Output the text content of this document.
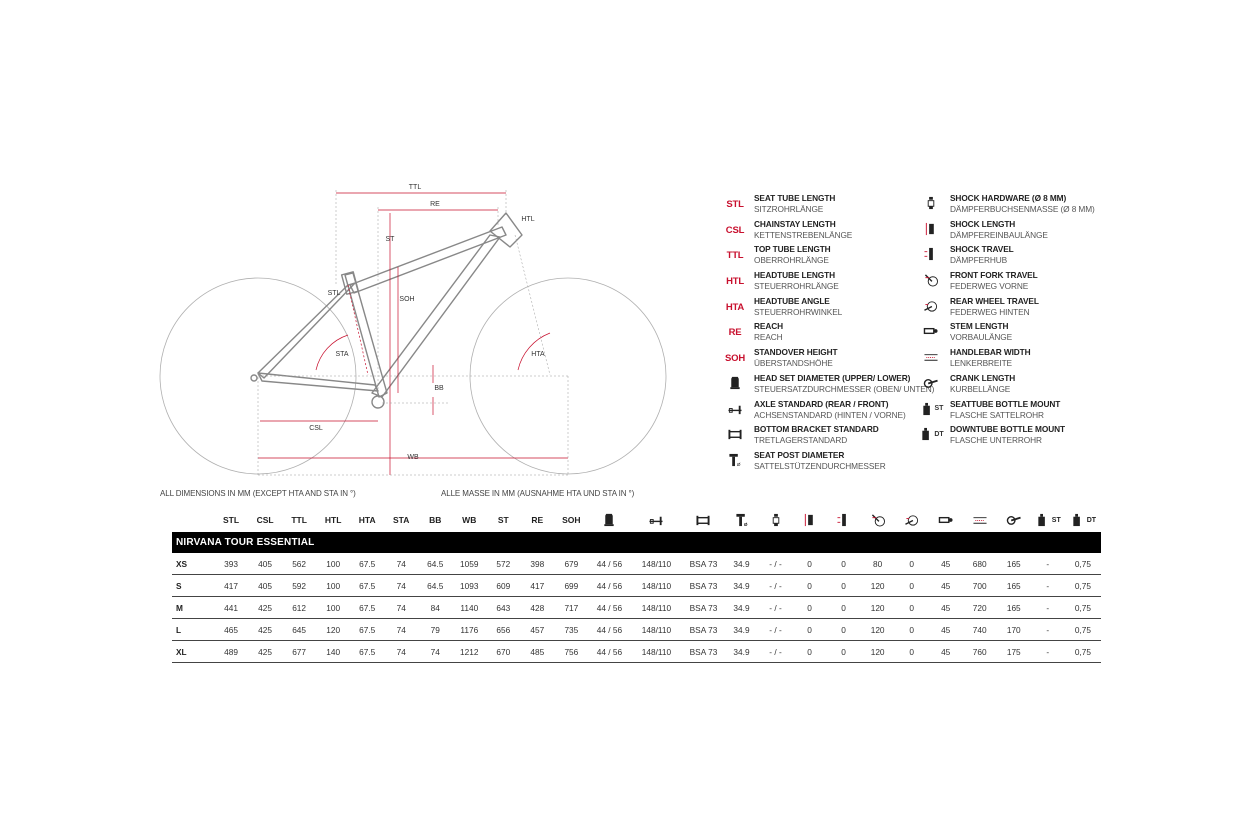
TTL
RE
HTL
ST
SOH
STL
STA	HTA
BB
CSL
WB
STL
SEAT TUBE LENGTH
SITZROHRLÄNGE
CSL
CHAINSTAY LENGTH
KETTENSTREBENLÄNGE
TTL
TOP TUBE LENGTH
OBERROHRLÄNGE
HTL
HEADTUBE LENGTH
STEUERROHRLÄNGE
HTA
HEADTUBE ANGLE
STEUERROHRWINKEL
RE
REACH
REACH
SOH
STANDOVER HEIGHT
ÜBERSTANDSHÖHE
HEAD SET DIAMETER (UPPER/ LOWER)
STEUERSATZDURCHMESSER (OBEN/ UNTEN)
AXLE STANDARD (REAR / FRONT)
ACHSENSTANDARD (HINTEN / VORNE)
BOTTOM BRACKET STANDARD
TRETLAGERSTANDARD
Ø
SEAT POST DIAMETER
SATTELSTÜTZENDURCHMESSER
SHOCK HARDWARE (Ø 8 MM)
DÄMPFERBUCHSENMASSE (Ø 8 MM)
SHOCK LENGTH
DÄMPFEREINBAULÄNGE
SHOCK TRAVEL
DÄMPFERHUB
FRONT FORK TRAVEL
FEDERWEG VORNE
REAR WHEEL TRAVEL
FEDERWEG HINTEN
STEM LENGTH
VORBAULÄNGE
HANDLEBAR WIDTH
LENKERBREITE
CRANK LENGTH
KURBELLÄNGE
ST SEATTUBE BOTTLE MOUNT
FLASCHE SATTELROHR
DT DOWNTUBE BOTTLE MOUNT
FLASCHE UNTERROHR
ALL DIMENSIONS IN MM (EXCEPT HTA AND STA IN °)	ALLE MASSE IN MM (AUSNAHME HTA UND STA IN °)
	STL	CSL	TTL	HTL	HTA	STA	BB	WB	ST	RE	SOH				Ø									ST	DT
NIRVANA TOUR ESSENTIAL																									
XS	393	405	562	100	67.5	74	64.5	1059	572	398	679	44 / 56	148/110	BSA 73	34.9	- / -	0	0	80	0	45	680	165	-	0,75
S	417	405	592	100	67.5	74	64.5	1093	609	417	699	44 / 56	148/110	BSA 73	34.9	- / -	0	0	120	0	45	700	165	-	0,75
M	441	425	612	100	67.5	74	84	1140	643	428	717	44 / 56	148/110	BSA 73	34.9	- / -	0	0	120	0	45	720	165	-	0,75
L	465	425	645	120	67.5	74	79	1176	656	457	735	44 / 56	148/110	BSA 73	34.9	- / -	0	0	120	0	45	740	170	-	0,75
XL	489	425	677	140	67.5	74	74	1212	670	485	756	44 / 56	148/110	BSA 73	34.9	- / -	0	0	120	0	45	760	175	-	0,75
